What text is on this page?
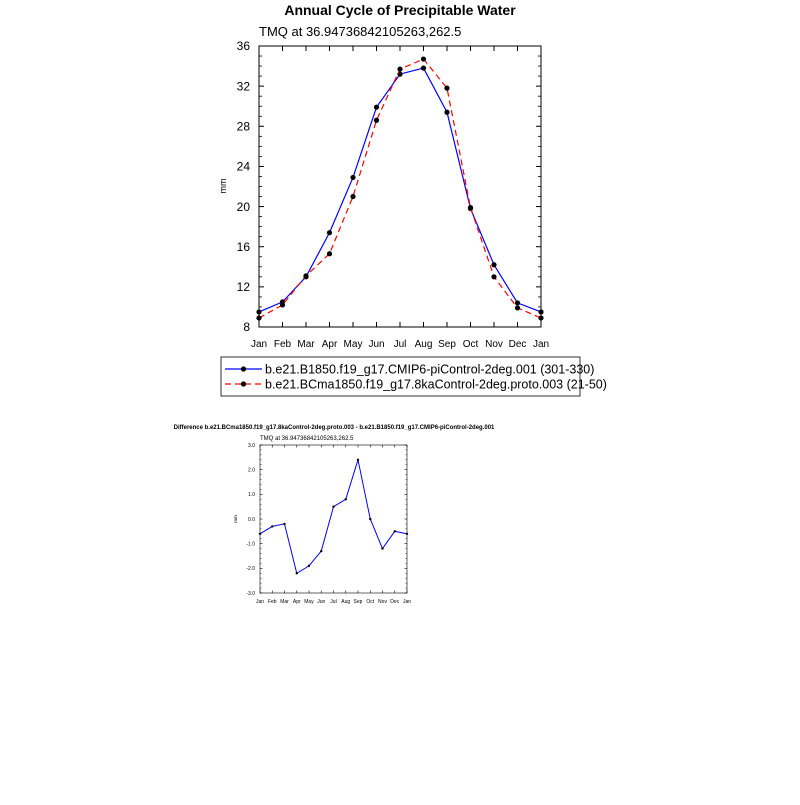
Annual Cycle of Precipitable Water
TMQ at 36.94736842105263,262.5
mm
8
12
16
20
24
28
32
36
Jan Feb Mar Apr May Jun Jul Aug Sep Oct Nov Dec Jan
b.e21.B1850.f19_g17.CMIP6-piControl-2deg.001 (301-330)
b.e21.BCma1850.f19_g17.8kaControl-2deg.proto.003 (21-50)
Difference b.e21.BCma1850.f19_g17.8kaControl-2deg.proto.003 - b.e21.B1850.f19_g17.CMIP6-piControl-2deg.001
TMQ at 36.94736842105263,262.5
mm
-3.0
-2.0
-1.0
0.0
1.0
2.0
3.0
Jan Feb Mar Apr May Jun Jul Aug Sep Oct Nov Dec Jan
